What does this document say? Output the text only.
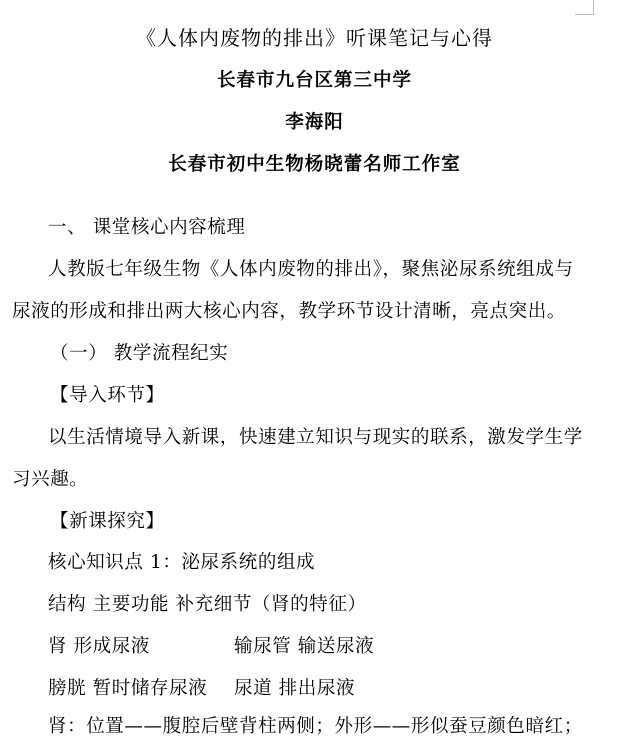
《人体内废物的排出》听课笔记与心得
长春市九台区第三中学
李海阳
长春市初中生物杨晓蕾名师工作室
一、 课堂核心内容梳理
人教版七年级生物《人体内废物的排出》，聚焦泌尿系统组成与
尿液的形成和排出两大核心内容，教学环节设计清晰，亮点突出。
（一） 教学流程纪实
【导入环节】
以生活情境导入新课，快速建立知识与现实的联系，激发学生学
习兴趣。
【新课探究】
核心知识点 1：泌尿系统的组成
结构 主要功能 补充细节（肾的特征）
肾 形成尿液	输尿管 输送尿液
膀胱 暂时储存尿液 尿道 排出尿液
肾：位置——腹腔后壁背柱两侧；外形——形似蚕豆颜色暗红；
